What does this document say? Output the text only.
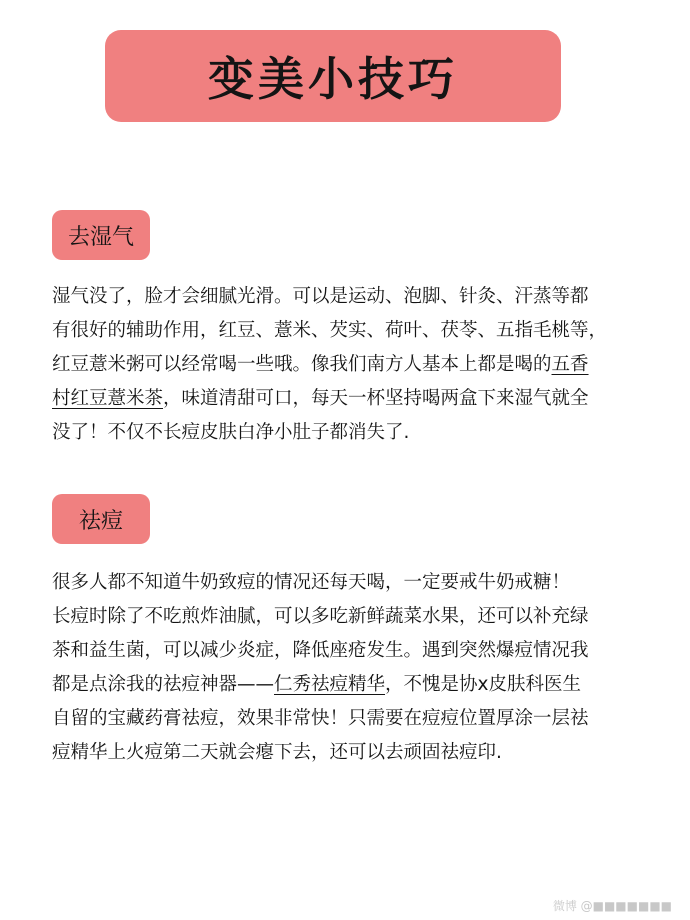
变美小技巧
去湿气
湿气没了，脸才会细腻光滑。可以是运动、泡脚、针灸、汗蒸等都
有很好的辅助作用，红豆、薏米、芡实、荷叶、茯苓、五指毛桃等，
红豆薏米粥可以经常喝一些哦。像我们南方人基本上都是喝的五香
村红豆薏米茶，味道清甜可口，每天一杯坚持喝两盒下来湿气就全
没了！不仅不长痘皮肤白净小肚子都消失了.
祛痘
很多人都不知道牛奶致痘的情况还每天喝，一定要戒牛奶戒糖！
长痘时除了不吃煎炸油腻，可以多吃新鲜蔬菜水果，还可以补充绿
茶和益生菌，可以减少炎症，降低座疮发生。遇到突然爆痘情况我
都是点涂我的祛痘神器——仁秀祛痘精华，不愧是协x皮肤科医生
自留的宝藏药膏祛痘，效果非常快！只需要在痘痘位置厚涂一层祛
痘精华上火痘第二天就会瘪下去，还可以去顽固祛痘印.
微博 @■■■■■■■
